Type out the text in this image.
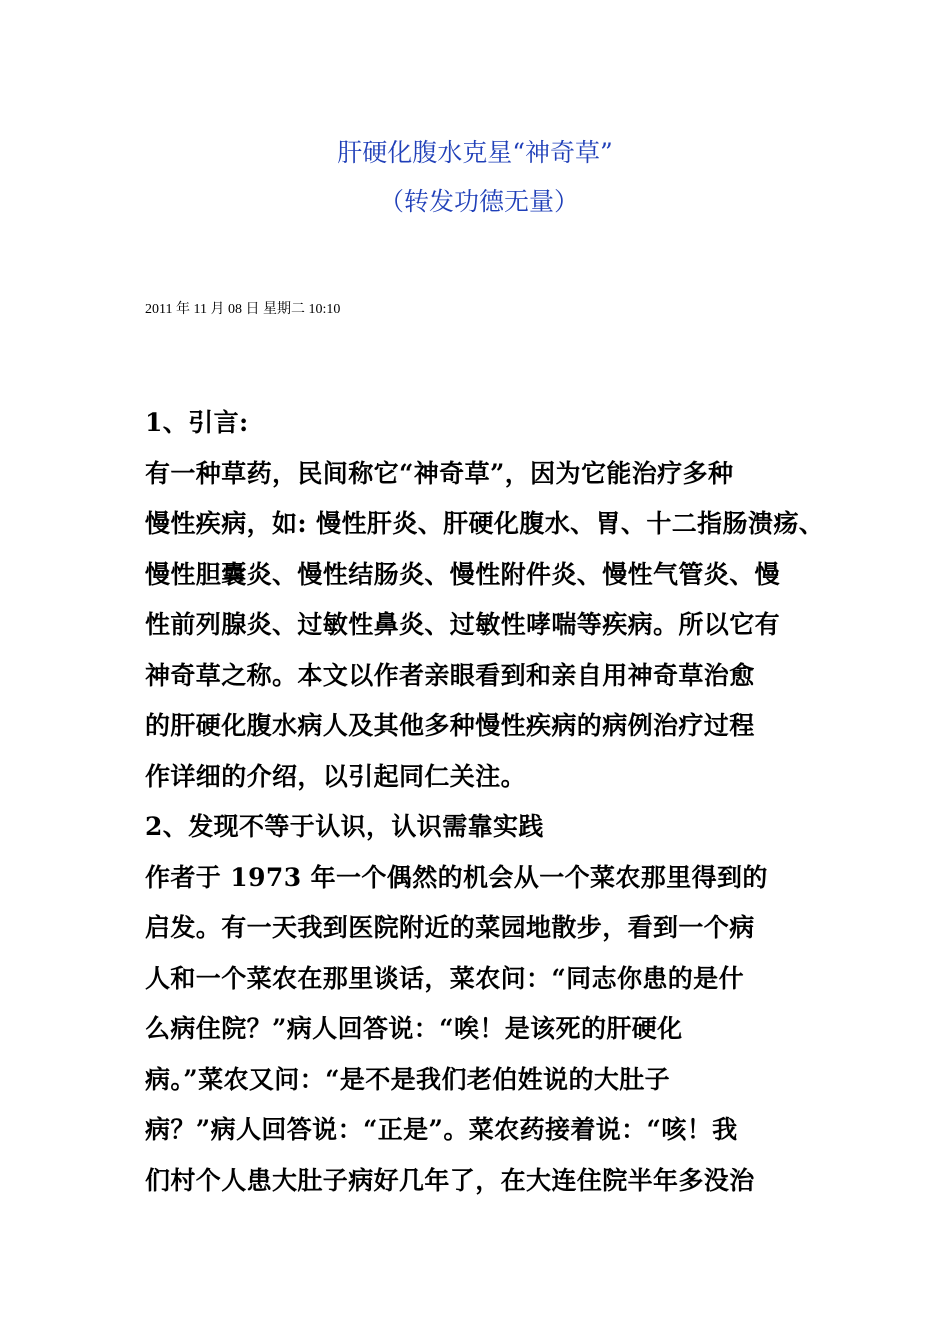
肝硬化腹水克星“神奇草”
（转发功德无量）
2011 年 11 月 08 日 星期二 10:10
1、引言:
有一种草药，民间称它“神奇草”，因为它能治疗多种
慢性疾病，如: 慢性肝炎、肝硬化腹水、胃、十二指肠溃疡、
慢性胆囊炎、慢性结肠炎、慢性附件炎、慢性气管炎、慢
性前列腺炎、过敏性鼻炎、过敏性哮喘等疾病。所以它有
神奇草之称。本文以作者亲眼看到和亲自用神奇草治愈
的肝硬化腹水病人及其他多种慢性疾病的病例治疗过程
作详细的介绍，以引起同仁关注。
2、发现不等于认识，认识需靠实践
作者于 1973 年一个偶然的机会从一个菜农那里得到的
启发。有一天我到医院附近的菜园地散步，看到一个病
人和一个菜农在那里谈话，菜农问：“同志你患的是什
么病住院？”病人回答说：“唉！是该死的肝硬化
病。”菜农又问：“是不是我们老伯姓说的大肚子
病？”病人回答说：“正是”。菜农药接着说：“咳！我
们村个人患大肚子病好几年了，在大连住院半年多没治
